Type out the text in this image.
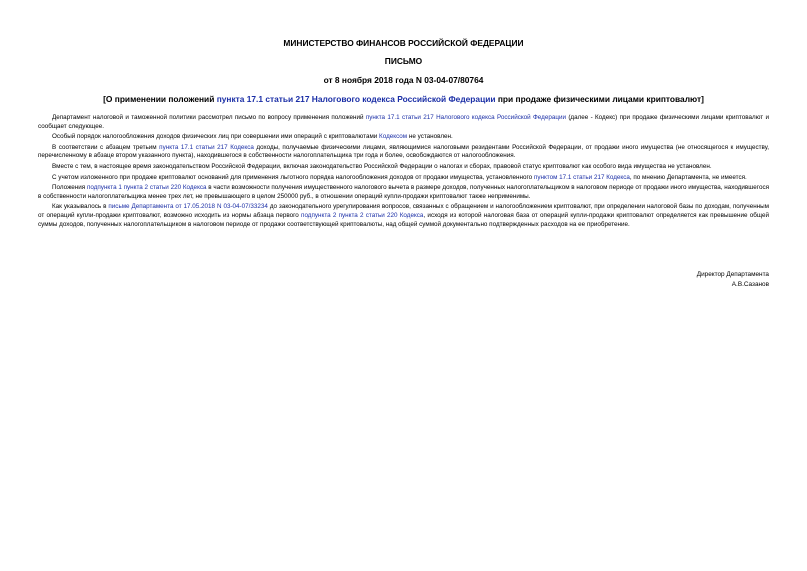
МИНИСТЕРСТВО ФИНАНСОВ РОССИЙСКОЙ ФЕДЕРАЦИИ
ПИСЬМО
от 8 ноября 2018 года N 03-04-07/80764
[О применении положений пункта 17.1 статьи 217 Налогового кодекса Российской Федерации при продаже физическими лицами криптовалют]

Департамент налоговой и таможенной политики рассмотрел письмо по вопросу применения положений пункта 17.1 статьи 217 Налогового кодекса Российской Федерации (далее - Кодекс) при продаже физическими лицами криптовалют и сообщает следующее.

Особый порядок налогообложения доходов физических лиц при совершении ими операций с криптовалютами Кодексом не установлен.

В соответствии с абзацем третьим пункта 17.1 статьи 217 Кодекса доходы, получаемые физическими лицами, являющимися налоговыми резидентами Российской Федерации, от продажи иного имущества (не относящегося к имуществу, перечисленному в абзаце втором указанного пункта), находившегося в собственности налогоплательщика три года и более, освобождаются от налогообложения.

Вместе с тем, в настоящее время законодательством Российской Федерации, включая законодательство Российской Федерации о налогах и сборах, правовой статус криптовалют как особого вида имущества не установлен.

С учетом изложенного при продаже криптовалют оснований для применения льготного порядка налогообложения доходов от продажи имущества, установленного пунктом 17.1 статьи 217 Кодекса, по мнению Департамента, не имеется.

Положения подпункта 1 пункта 2 статьи 220 Кодекса в части возможности получения имущественного налогового вычета в размере доходов, полученных налогоплательщиком в налоговом периоде от продажи иного имущества, находившегося в собственности налогоплательщика менее трех лет, не превышающего в целом 250000 руб., в отношении операций купли-продажи криптовалют также неприменимы.

Как указывалось в письме Департамента от 17.05.2018 N 03-04-07/33234 до законодательного урегулирования вопросов, связанных с обращением и налогообложением криптовалют, при определении налоговой базы по доходам, полученным от операций купли-продажи криптовалют, возможно исходить из нормы абзаца первого подпункта 2 пункта 2 статьи 220 Кодекса, исходя из которой налоговая база от операций купли-продажи криптовалют определяется как превышение общей суммы доходов, полученных налогоплательщиком в налоговом периоде от продажи соответствующей криптовалюты, над общей суммой документально подтвержденных расходов на ее приобретение.

Директор Департамента
А.В.Сазанов
